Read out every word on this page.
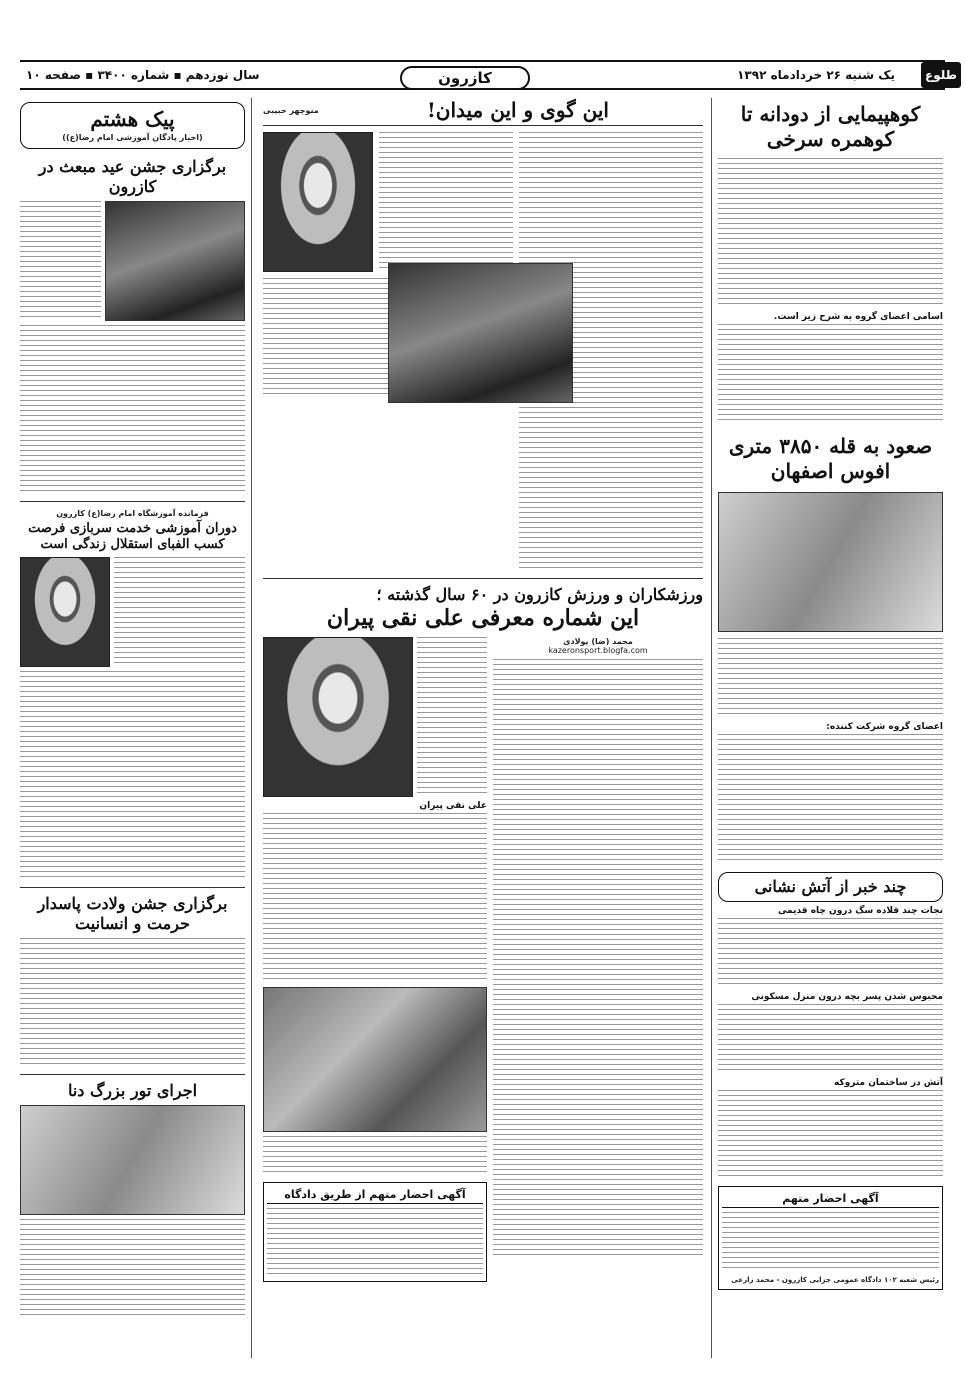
طلوع
یک شنبه ۲۶ خردادماه ۱۳۹۲
سال نوزدهم ▪ شماره ۳۴۰۰ ▪ صفحه ۱۰	کازرون
کوهپیمایی از دودانه تا کوهمره سرخی
اسامی اعضای گروه به شرح زیر است.
صعود به قله ۳۸۵۰ متری افوس اصفهان
اعضای گروه شرکت کننده:
چند خبر از آتش نشانی
نجات چند قلاده سگ درون چاه قدیمی
محبوس شدن پسر بچه درون منزل مسکونی
آتش در ساختمان متروکه
آگهی احضار متهم
رئیس شعبه ۱۰۲ دادگاه عمومی جزایی کازرون - محمد زارعی
این گوی و این میدان!
منوچهر حبیبی
ورزشکاران و ورزش کازرون در ۶۰ سال گذشته ؛
این شماره معرفی علی نقی پیران
محمد (ضا) پولادی
kazeronsport.blogfa.com
علی نقی پیران
آگهی احضار متهم از طریق دادگاه
پیک هشتم
(اخبار پادگان آموزشی امام رضا(ع))
برگزاری جشن عید مبعث در کازرون
فرمانده آموزشگاه امام رضا(ع) کازرون
دوران آموزشی خدمت سربازی فرصت کسب الفبای استقلال زندگی است
برگزاری جشن ولادت پاسدار حرمت و انسانیت
اجرای تور بزرگ دنا
